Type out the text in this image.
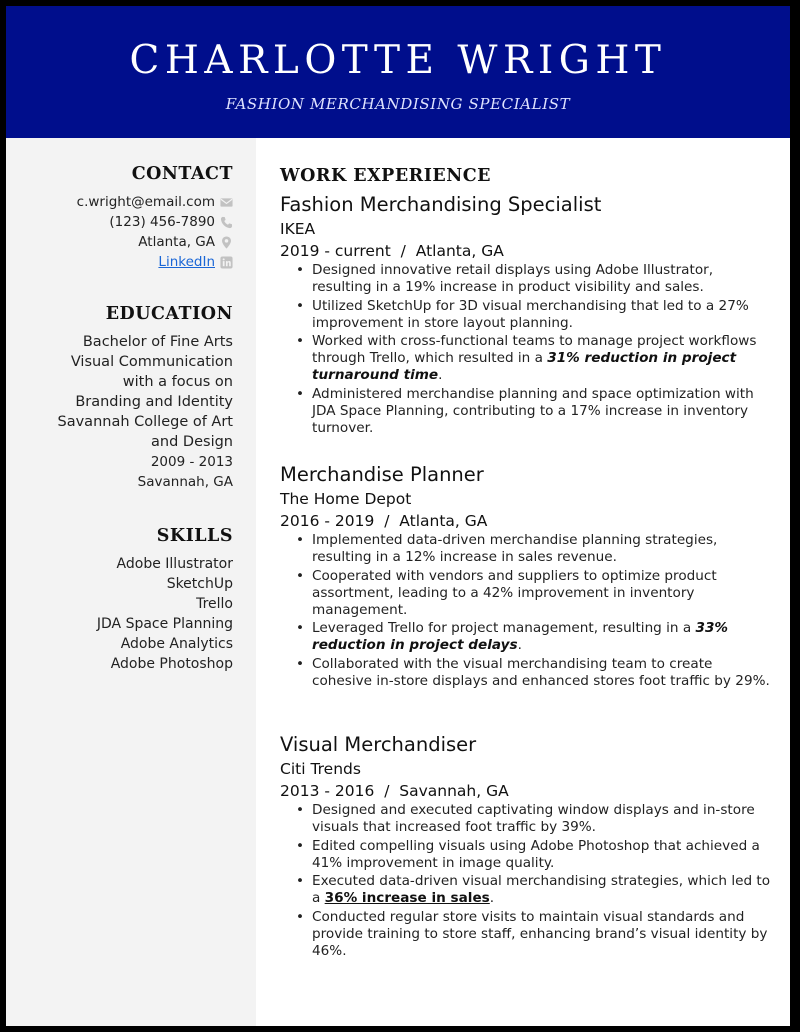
CHARLOTTE WRIGHT
FASHION MERCHANDISING SPECIALIST
CONTACT
c.wright@email.com
(123) 456-7890
Atlanta, GA
LinkedIn
EDUCATION
Bachelor of Fine Arts
Visual Communication
with a focus on
Branding and Identity
Savannah College of Art
and Design
2009 - 2013
Savannah, GA
SKILLS
Adobe Illustrator
SketchUp
Trello
JDA Space Planning
Adobe Analytics
Adobe Photoshop
WORK EXPERIENCE
Fashion Merchandising Specialist
IKEA
2019 - current  /  Atlanta, GA
• Designed innovative retail displays using Adobe Illustrator, resulting in a 19% increase in product visibility and sales.
• Utilized SketchUp for 3D visual merchandising that led to a 27% improvement in store layout planning.
• Worked with cross-functional teams to manage project workflows through Trello, which resulted in a 31% reduction in project turnaround time.
• Administered merchandise planning and space optimization with JDA Space Planning, contributing to a 17% increase in inventory turnover.
Merchandise Planner
The Home Depot
2016 - 2019  /  Atlanta, GA
• Implemented data-driven merchandise planning strategies, resulting in a 12% increase in sales revenue.
• Cooperated with vendors and suppliers to optimize product assortment, leading to a 42% improvement in inventory management.
• Leveraged Trello for project management, resulting in a 33% reduction in project delays.
• Collaborated with the visual merchandising team to create cohesive in-store displays and enhanced stores foot traffic by 29%.
Visual Merchandiser
Citi Trends
2013 - 2016  /  Savannah, GA
• Designed and executed captivating window displays and in-store visuals that increased foot traffic by 39%.
• Edited compelling visuals using Adobe Photoshop that achieved a 41% improvement in image quality.
• Executed data-driven visual merchandising strategies, which led to a 36% increase in sales.
• Conducted regular store visits to maintain visual standards and provide training to store staff, enhancing brand’s visual identity by 46%.
